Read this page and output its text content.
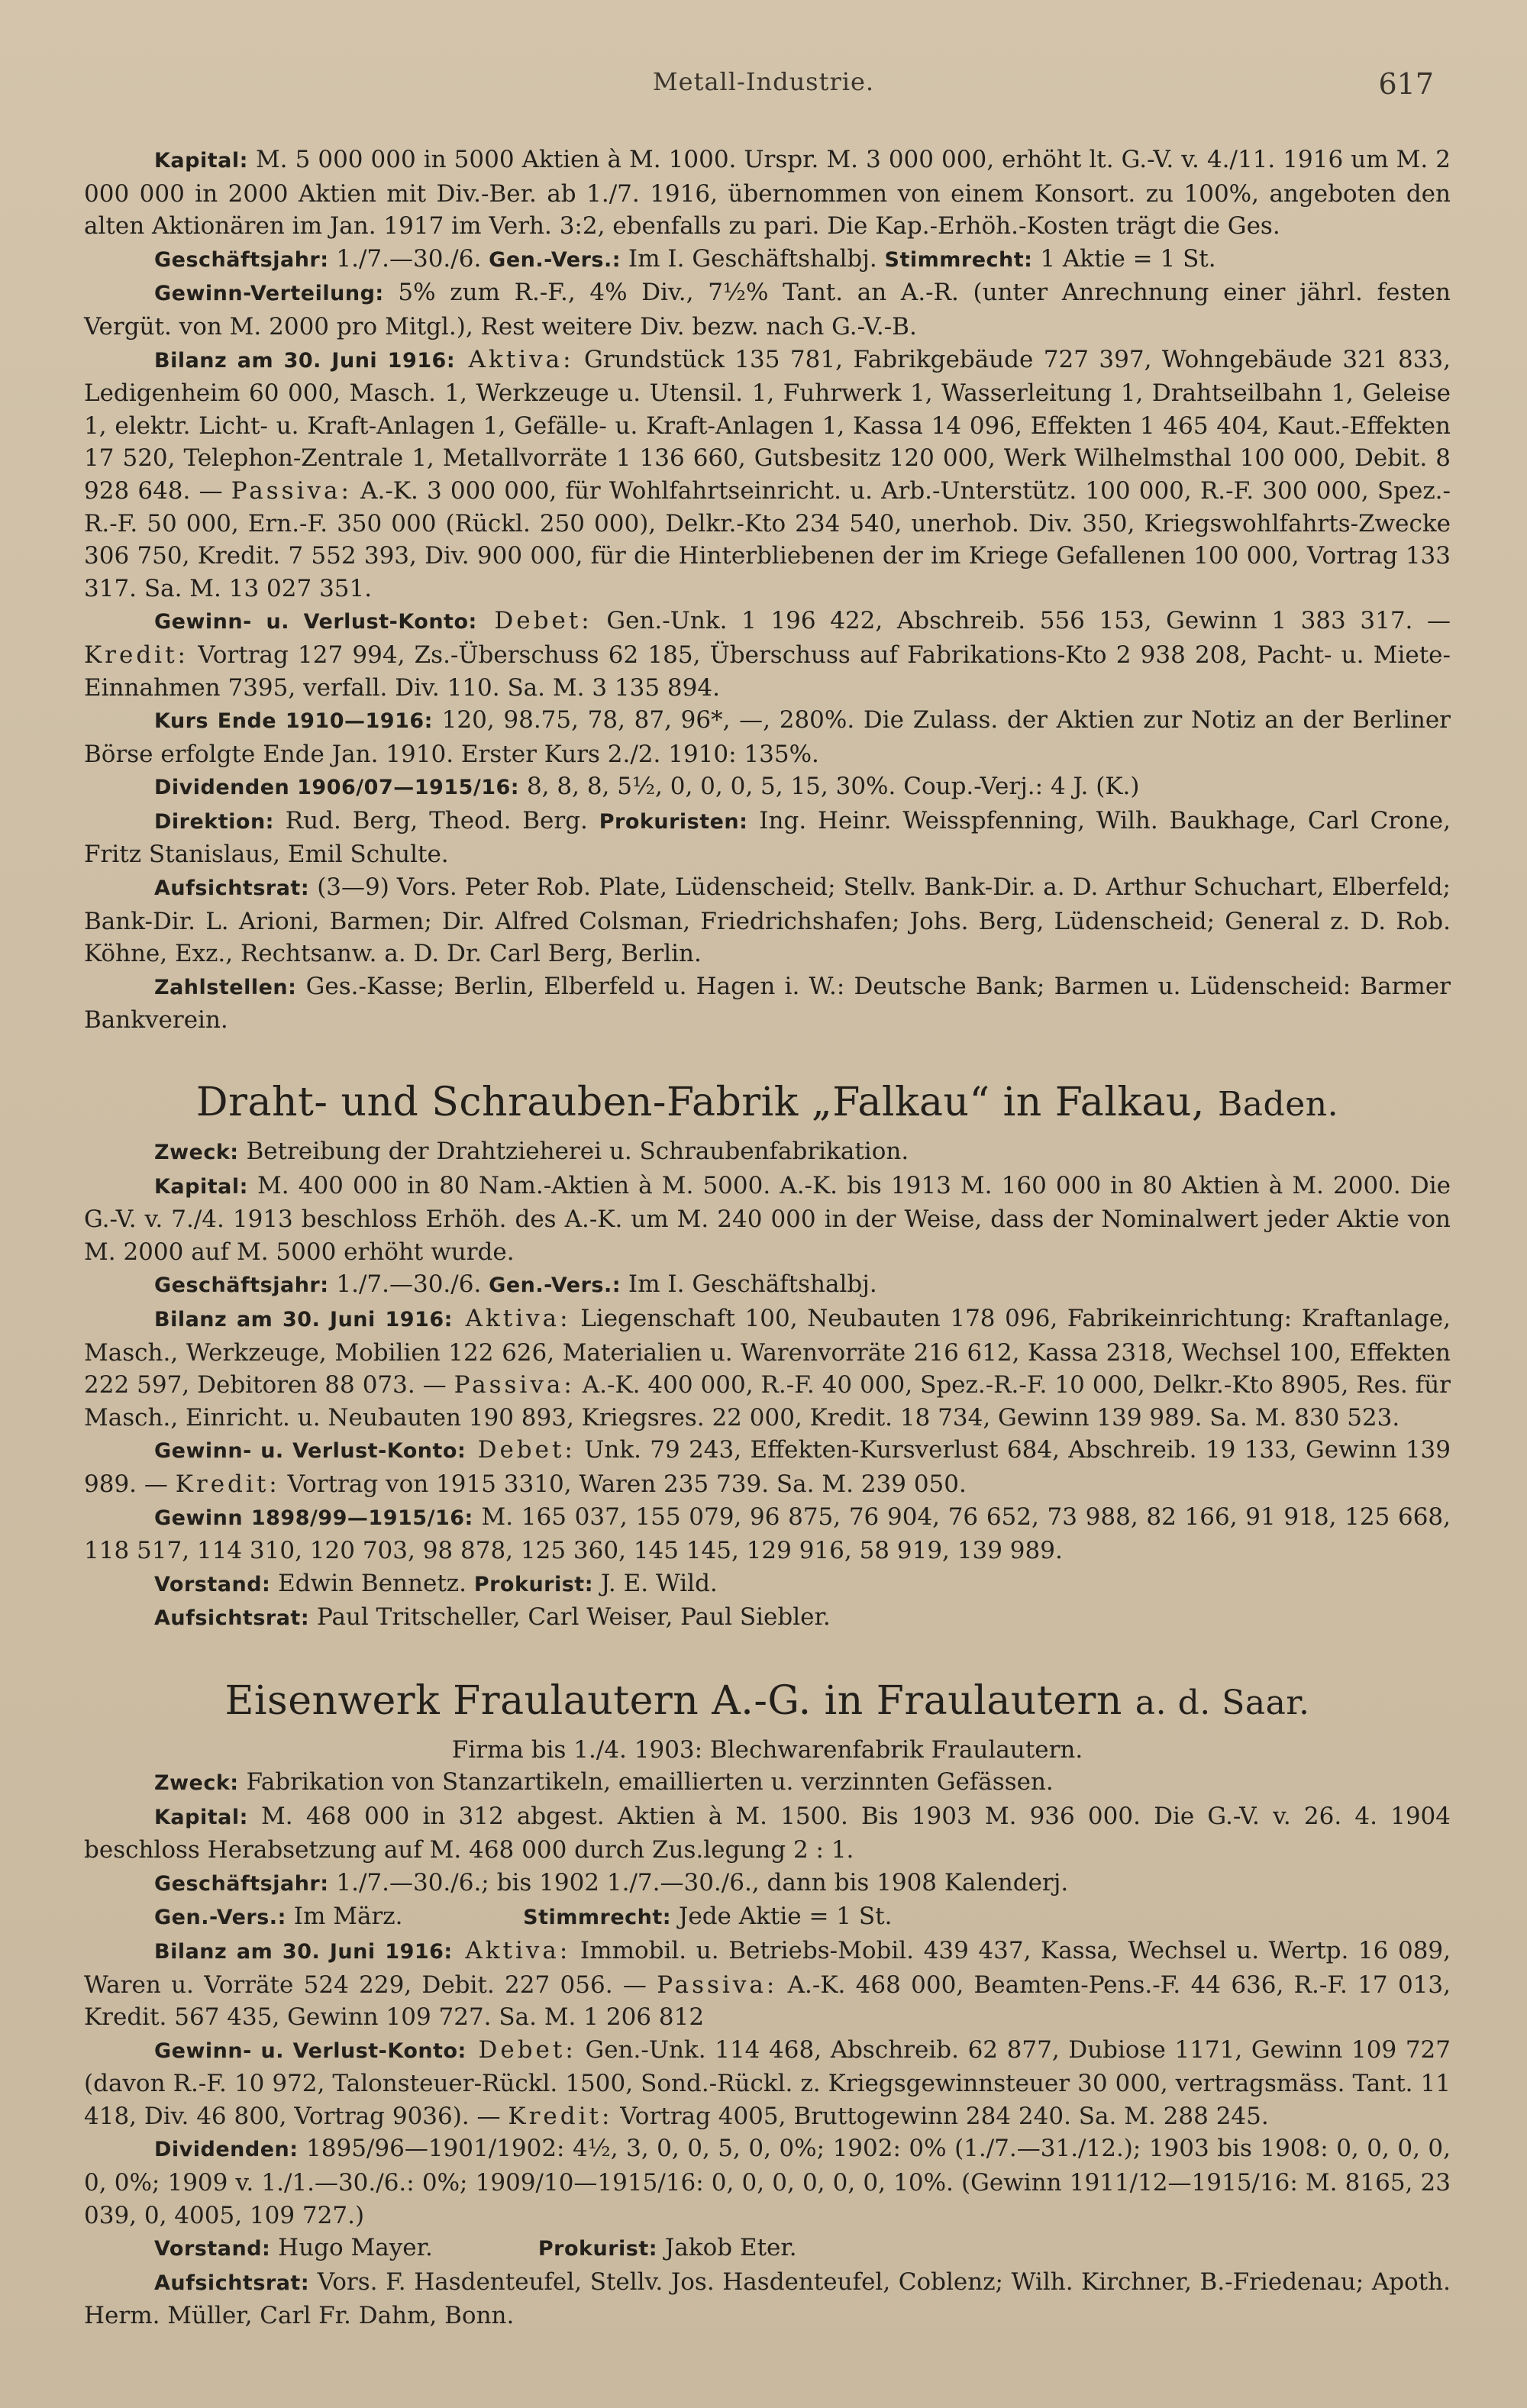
Metall-Industrie.	617

Kapital: M. 5 000 000 in 5000 Aktien à M. 1000. Urspr. M. 3 000 000, erhöht lt. G.-V. v. 4./11. 1916 um M. 2 000 000 in 2000 Aktien mit Div.-Ber. ab 1./7. 1916, übernommen von einem Konsort. zu 100%, angeboten den alten Aktionären im Jan. 1917 im Verh. 3:2, ebenfalls zu pari. Die Kap.-Erhöh.-Kosten trägt die Ges.

Geschäftsjahr: 1./7.—30./6. Gen.-Vers.: Im I. Geschäftshalbj. Stimmrecht: 1 Aktie = 1 St.

Gewinn-Verteilung: 5% zum R.-F., 4% Div., 7½% Tant. an A.-R. (unter Anrechnung einer jährl. festen Vergüt. von M. 2000 pro Mitgl.), Rest weitere Div. bezw. nach G.-V.-B.

Bilanz am 30. Juni 1916: Aktiva: Grundstück 135 781, Fabrikgebäude 727 397, Wohngebäude 321 833, Ledigenheim 60 000, Masch. 1, Werkzeuge u. Utensil. 1, Fuhrwerk 1, Wasserleitung 1, Drahtseilbahn 1, Geleise 1, elektr. Licht- u. Kraft-Anlagen 1, Gefälle- u. Kraft-Anlagen 1, Kassa 14 096, Effekten 1 465 404, Kaut.-Effekten 17 520, Telephon-Zentrale 1, Metallvorräte 1 136 660, Gutsbesitz 120 000, Werk Wilhelmsthal 100 000, Debit. 8 928 648. — Passiva: A.-K. 3 000 000, für Wohlfahrtseinricht. u. Arb.-Unterstütz. 100 000, R.-F. 300 000, Spez.-R.-F. 50 000, Ern.-F. 350 000 (Rückl. 250 000), Delkr.-Kto 234 540, unerhob. Div. 350, Kriegswohlfahrts-Zwecke 306 750, Kredit. 7 552 393, Div. 900 000, für die Hinterbliebenen der im Kriege Gefallenen 100 000, Vortrag 133 317. Sa. M. 13 027 351.

Gewinn- u. Verlust-Konto: Debet: Gen.-Unk. 1 196 422, Abschreib. 556 153, Gewinn 1 383 317. — Kredit: Vortrag 127 994, Zs.-Überschuss 62 185, Überschuss auf Fabrikations-Kto 2 938 208, Pacht- u. Miete-Einnahmen 7395, verfall. Div. 110. Sa. M. 3 135 894.

Kurs Ende 1910—1916: 120, 98.75, 78, 87, 96*, —, 280%. Die Zulass. der Aktien zur Notiz an der Berliner Börse erfolgte Ende Jan. 1910. Erster Kurs 2./2. 1910: 135%.

Dividenden 1906/07—1915/16: 8, 8, 8, 5½, 0, 0, 0, 5, 15, 30%. Coup.-Verj.: 4 J. (K.)

Direktion: Rud. Berg, Theod. Berg. Prokuristen: Ing. Heinr. Weisspfenning, Wilh. Baukhage, Carl Crone, Fritz Stanislaus, Emil Schulte.

Aufsichtsrat: (3—9) Vors. Peter Rob. Plate, Lüdenscheid; Stellv. Bank-Dir. a. D. Arthur Schuchart, Elberfeld; Bank-Dir. L. Arioni, Barmen; Dir. Alfred Colsman, Friedrichshafen; Johs. Berg, Lüdenscheid; General z. D. Rob. Köhne, Exz., Rechtsanw. a. D. Dr. Carl Berg, Berlin.

Zahlstellen: Ges.-Kasse; Berlin, Elberfeld u. Hagen i. W.: Deutsche Bank; Barmen u. Lüdenscheid: Barmer Bankverein.

Draht- und Schrauben-Fabrik „Falkau“ in Falkau, Baden.

Zweck: Betreibung der Drahtzieherei u. Schraubenfabrikation.

Kapital: M. 400 000 in 80 Nam.-Aktien à M. 5000. A.-K. bis 1913 M. 160 000 in 80 Aktien à M. 2000. Die G.-V. v. 7./4. 1913 beschloss Erhöh. des A.-K. um M. 240 000 in der Weise, dass der Nominalwert jeder Aktie von M. 2000 auf M. 5000 erhöht wurde.

Geschäftsjahr: 1./7.—30./6. Gen.-Vers.: Im I. Geschäftshalbj.

Bilanz am 30. Juni 1916: Aktiva: Liegenschaft 100, Neubauten 178 096, Fabrikeinrichtung: Kraftanlage, Masch., Werkzeuge, Mobilien 122 626, Materialien u. Warenvorräte 216 612, Kassa 2318, Wechsel 100, Effekten 222 597, Debitoren 88 073. — Passiva: A.-K. 400 000, R.-F. 40 000, Spez.-R.-F. 10 000, Delkr.-Kto 8905, Res. für Masch., Einricht. u. Neubauten 190 893, Kriegsres. 22 000, Kredit. 18 734, Gewinn 139 989. Sa. M. 830 523.

Gewinn- u. Verlust-Konto: Debet: Unk. 79 243, Effekten-Kursverlust 684, Abschreib. 19 133, Gewinn 139 989. — Kredit: Vortrag von 1915 3310, Waren 235 739. Sa. M. 239 050.

Gewinn 1898/99—1915/16: M. 165 037, 155 079, 96 875, 76 904, 76 652, 73 988, 82 166, 91 918, 125 668, 118 517, 114 310, 120 703, 98 878, 125 360, 145 145, 129 916, 58 919, 139 989.

Vorstand: Edwin Bennetz. Prokurist: J. E. Wild.

Aufsichtsrat: Paul Tritscheller, Carl Weiser, Paul Siebler.

Eisenwerk Fraulautern A.-G. in Fraulautern a. d. Saar.

Firma bis 1./4. 1903: Blechwarenfabrik Fraulautern.

Zweck: Fabrikation von Stanzartikeln, emaillierten u. verzinnten Gefässen.

Kapital: M. 468 000 in 312 abgest. Aktien à M. 1500. Bis 1903 M. 936 000. Die G.-V. v. 26. 4. 1904 beschloss Herabsetzung auf M. 468 000 durch Zus.legung 2 : 1.

Geschäftsjahr: 1./7.—30./6.; bis 1902 1./7.—30./6., dann bis 1908 Kalenderj.

Gen.-Vers.: Im März.                Stimmrecht: Jede Aktie = 1 St.

Bilanz am 30. Juni 1916: Aktiva: Immobil. u. Betriebs-Mobil. 439 437, Kassa, Wechsel u. Wertp. 16 089, Waren u. Vorräte 524 229, Debit. 227 056. — Passiva: A.-K. 468 000, Beamten-Pens.-F. 44 636, R.-F. 17 013, Kredit. 567 435, Gewinn 109 727. Sa. M. 1 206 812

Gewinn- u. Verlust-Konto: Debet: Gen.-Unk. 114 468, Abschreib. 62 877, Dubiose 1171, Gewinn 109 727 (davon R.-F. 10 972, Talonsteuer-Rückl. 1500, Sond.-Rückl. z. Kriegsgewinnsteuer 30 000, vertragsmäss. Tant. 11 418, Div. 46 800, Vortrag 9036). — Kredit: Vortrag 4005, Bruttogewinn 284 240. Sa. M. 288 245.

Dividenden: 1895/96—1901/1902: 4½, 3, 0, 0, 5, 0, 0%; 1902: 0% (1./7.—31./12.); 1903 bis 1908: 0, 0, 0, 0, 0, 0%; 1909 v. 1./1.—30./6.: 0%; 1909/10—1915/16: 0, 0, 0, 0, 0, 0, 10%. (Gewinn 1911/12—1915/16: M. 8165, 23 039, 0, 4005, 109 727.)

Vorstand: Hugo Mayer.              Prokurist: Jakob Eter.

Aufsichtsrat: Vors. F. Hasdenteufel, Stellv. Jos. Hasdenteufel, Coblenz; Wilh. Kirchner, B.-Friedenau; Apoth. Herm. Müller, Carl Fr. Dahm, Bonn.
